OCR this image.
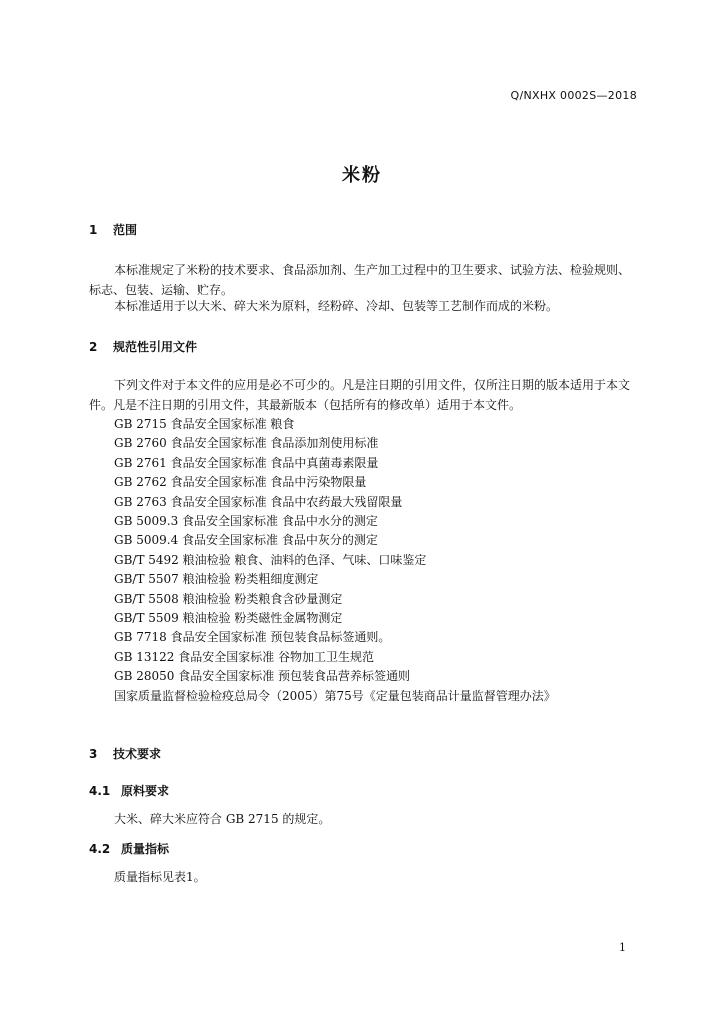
Q/NXHX 0002S—2018
米粉
1 范围
本标准规定了米粉的技术要求、食品添加剂、生产加工过程中的卫生要求、试验方法、检验规则、标志、包装、运输、贮存。
本标准适用于以大米、碎大米为原料，经粉碎、冷却、包装等工艺制作而成的米粉。
2 规范性引用文件
下列文件对于本文件的应用是必不可少的。凡是注日期的引用文件，仅所注日期的版本适用于本文件。凡是不注日期的引用文件，其最新版本（包括所有的修改单）适用于本文件。
GB 2715 食品安全国家标准 粮食
GB 2760 食品安全国家标准 食品添加剂使用标准
GB 2761 食品安全国家标准 食品中真菌毒素限量
GB 2762 食品安全国家标准 食品中污染物限量
GB 2763 食品安全国家标准 食品中农药最大残留限量
GB 5009.3 食品安全国家标准 食品中水分的测定
GB 5009.4 食品安全国家标准 食品中灰分的测定
GB/T 5492 粮油检验 粮食、油料的色泽、气味、口味鉴定
GB/T 5507 粮油检验 粉类粗细度测定
GB/T 5508 粮油检验 粉类粮食含砂量测定
GB/T 5509 粮油检验 粉类磁性金属物测定
GB 7718 食品安全国家标准 预包装食品标签通则。
GB 13122 食品安全国家标准 谷物加工卫生规范
GB 28050 食品安全国家标准 预包装食品营养标签通则
国家质量监督检验检疫总局令（2005）第75号《定量包装商品计量监督管理办法》
3 技术要求
4.1 原料要求
大米、碎大米应符合 GB 2715 的规定。
4.2 质量指标
质量指标见表1。
1
